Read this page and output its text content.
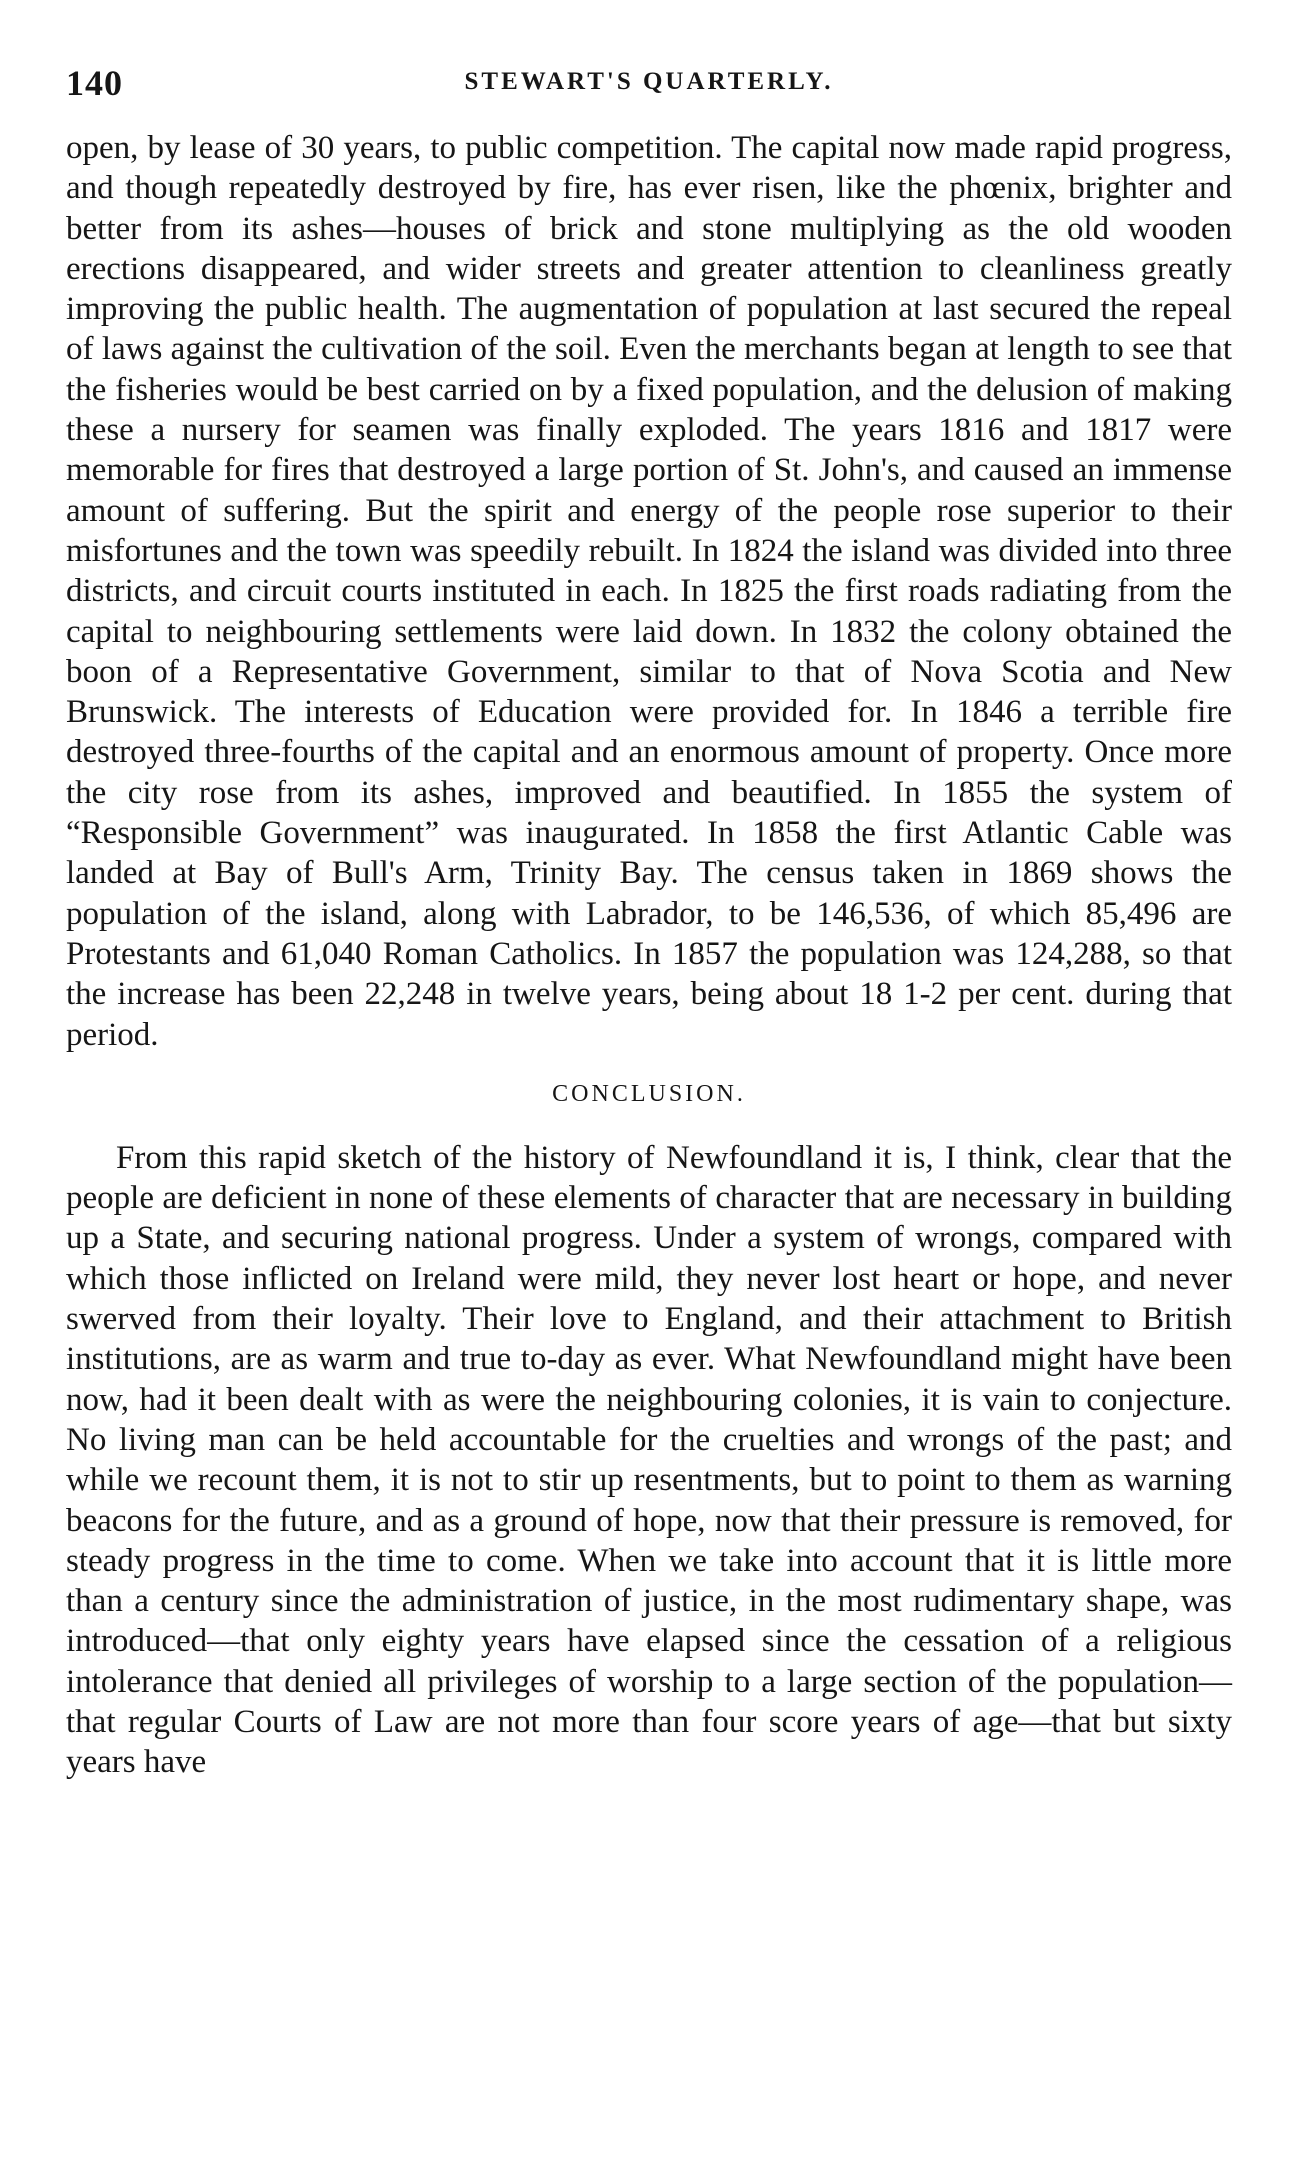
140	STEWART'S QUARTERLY.

open, by lease of 30 years, to public competition. The capital now made rapid progress, and though repeatedly destroyed by fire, has ever risen, like the phœnix, brighter and better from its ashes—houses of brick and stone multiplying as the old wooden erections disappeared, and wider streets and greater attention to cleanliness greatly improving the public health. The augmentation of population at last secured the repeal of laws against the cultivation of the soil. Even the merchants began at length to see that the fisheries would be best carried on by a fixed population, and the delusion of making these a nursery for seamen was finally exploded. The years 1816 and 1817 were memorable for fires that destroyed a large portion of St. John's, and caused an immense amount of suffering. But the spirit and energy of the people rose superior to their misfortunes and the town was speedily rebuilt. In 1824 the island was divided into three districts, and circuit courts instituted in each. In 1825 the first roads radiating from the capital to neighbouring settlements were laid down. In 1832 the colony obtained the boon of a Representative Government, similar to that of Nova Scotia and New Brunswick. The interests of Education were provided for. In 1846 a terrible fire destroyed three-fourths of the capital and an enormous amount of property. Once more the city rose from its ashes, improved and beautified. In 1855 the system of “Responsible Government” was inaugurated. In 1858 the first Atlantic Cable was landed at Bay of Bull's Arm, Trinity Bay. The census taken in 1869 shows the population of the island, along with Labrador, to be 146,536, of which 85,496 are Protestants and 61,040 Roman Catholics. In 1857 the population was 124,288, so that the increase has been 22,248 in twelve years, being about 18 1-2 per cent. during that period.

CONCLUSION.

From this rapid sketch of the history of Newfoundland it is, I think, clear that the people are deficient in none of these elements of character that are necessary in building up a State, and securing national progress. Under a system of wrongs, compared with which those inflicted on Ireland were mild, they never lost heart or hope, and never swerved from their loyalty. Their love to England, and their attachment to British institutions, are as warm and true to-day as ever. What Newfoundland might have been now, had it been dealt with as were the neighbouring colonies, it is vain to conjecture. No living man can be held accountable for the cruelties and wrongs of the past; and while we recount them, it is not to stir up resentments, but to point to them as warning beacons for the future, and as a ground of hope, now that their pressure is removed, for steady progress in the time to come. When we take into account that it is little more than a century since the administration of justice, in the most rudimentary shape, was introduced—that only eighty years have elapsed since the cessation of a religious intolerance that denied all privileges of worship to a large section of the population—that regular Courts of Law are not more than four score years of age—that but sixty years have
